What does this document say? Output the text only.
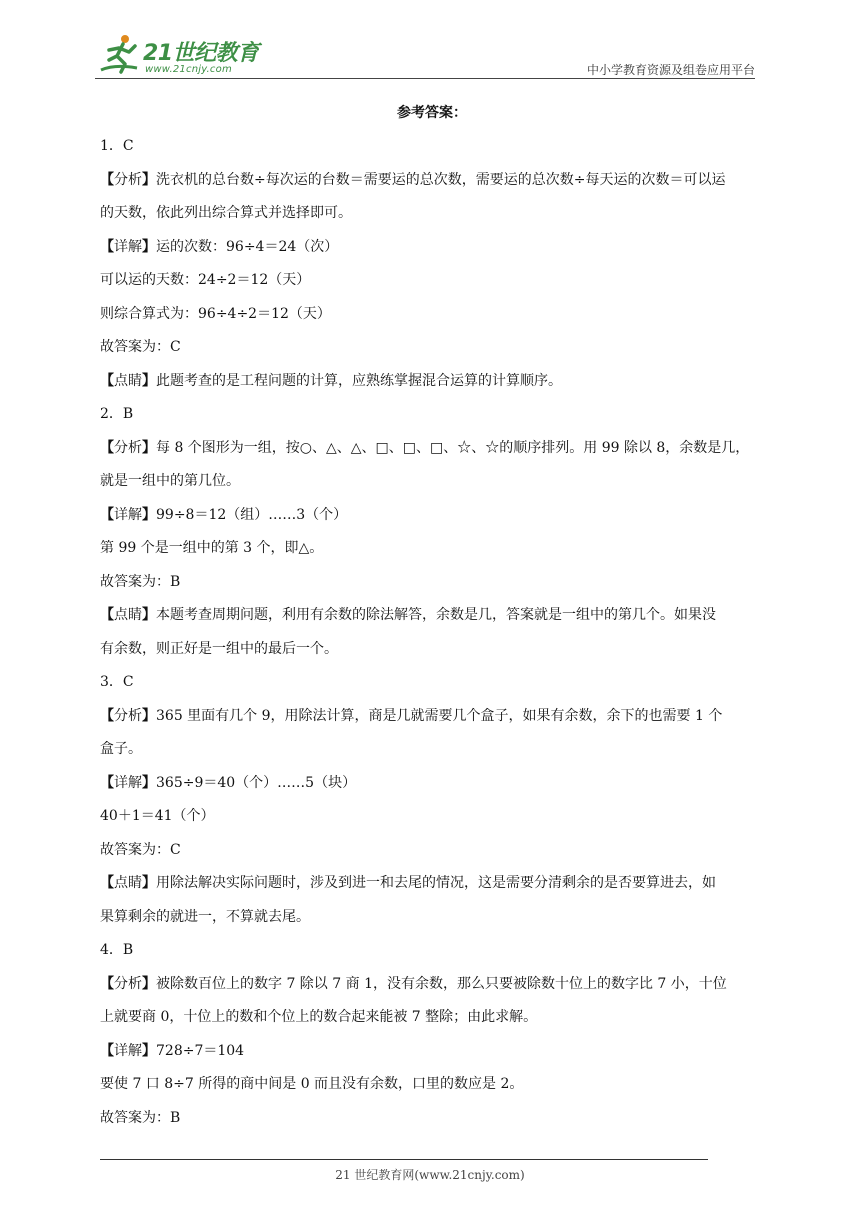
21世纪教育
www.21cnjy.com	中小学教育资源及组卷应用平台
参考答案：

1．C

【分析】洗衣机的总台数÷每次运的台数＝需要运的总次数，需要运的总次数÷每天运的次数＝可以运

的天数，依此列出综合算式并选择即可。

【详解】运的次数：96÷4＝24（次）

可以运的天数：24÷2＝12（天）

则综合算式为：96÷4÷2＝12（天）

故答案为：C

【点睛】此题考查的是工程问题的计算，应熟练掌握混合运算的计算顺序。

2．B

【分析】每 8 个图形为一组，按○、△、△、□、□、□、☆、☆的顺序排列。用 99 除以 8，余数是几，

就是一组中的第几位。

【详解】99÷8＝12（组）……3（个）

第 99 个是一组中的第 3 个，即△。

故答案为：B

【点睛】本题考查周期问题，利用有余数的除法解答，余数是几，答案就是一组中的第几个。如果没

有余数，则正好是一组中的最后一个。

3．C

【分析】365 里面有几个 9，用除法计算，商是几就需要几个盒子，如果有余数，余下的也需要 1 个

盒子。

【详解】365÷9＝40（个）……5（块）

40＋1＝41（个）

故答案为：C

【点睛】用除法解决实际问题时，涉及到进一和去尾的情况，这是需要分清剩余的是否要算进去，如

果算剩余的就进一，不算就去尾。

4．B

【分析】被除数百位上的数字 7 除以 7 商 1，没有余数，那么只要被除数十位上的数字比 7 小，十位

上就要商 0，十位上的数和个位上的数合起来能被 7 整除；由此求解。

【详解】728÷7＝104

要使 7 口 8÷7 所得的商中间是 0 而且没有余数，口里的数应是 2。

故答案为：B

21 世纪教育网(www.21cnjy.com)
